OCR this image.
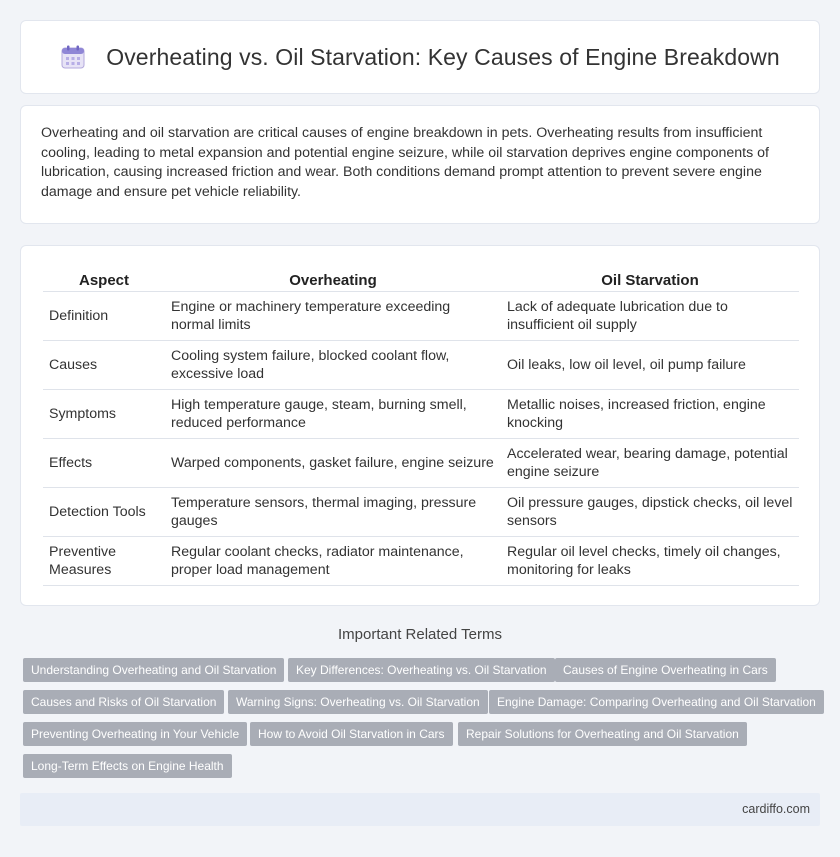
Overheating vs. Oil Starvation: Key Causes of Engine Breakdown

Overheating and oil starvation are critical causes of engine breakdown in pets. Overheating results from insufficient cooling, leading to metal expansion and potential engine seizure, while oil starvation deprives engine components of lubrication, causing increased friction and wear. Both conditions demand prompt attention to prevent severe engine damage and ensure pet vehicle reliability.

Aspect	Overheating	Oil Starvation
Definition	Engine or machinery temperature exceeding normal limits	Lack of adequate lubrication due to insufficient oil supply
Causes	Cooling system failure, blocked coolant flow, excessive load	Oil leaks, low oil level, oil pump failure
Symptoms	High temperature gauge, steam, burning smell, reduced performance	Metallic noises, increased friction, engine knocking
Effects	Warped components, gasket failure, engine seizure	Accelerated wear, bearing damage, potential engine seizure
Detection Tools	Temperature sensors, thermal imaging, pressure gauges	Oil pressure gauges, dipstick checks, oil level sensors
Preventive Measures	Regular coolant checks, radiator maintenance, proper load management	Regular oil level checks, timely oil changes, monitoring for leaks
Important Related Terms
Understanding Overheating and Oil Starvation	Key Differences: Overheating vs. Oil Starvation	Causes of Engine Overheating in Cars
Causes and Risks of Oil Starvation	Warning Signs: Overheating vs. Oil Starvation	Engine Damage: Comparing Overheating and Oil Starvation
Preventing Overheating in Your Vehicle	How to Avoid Oil Starvation in Cars	Repair Solutions for Overheating and Oil Starvation
Long-Term Effects on Engine Health
cardiffo.com
